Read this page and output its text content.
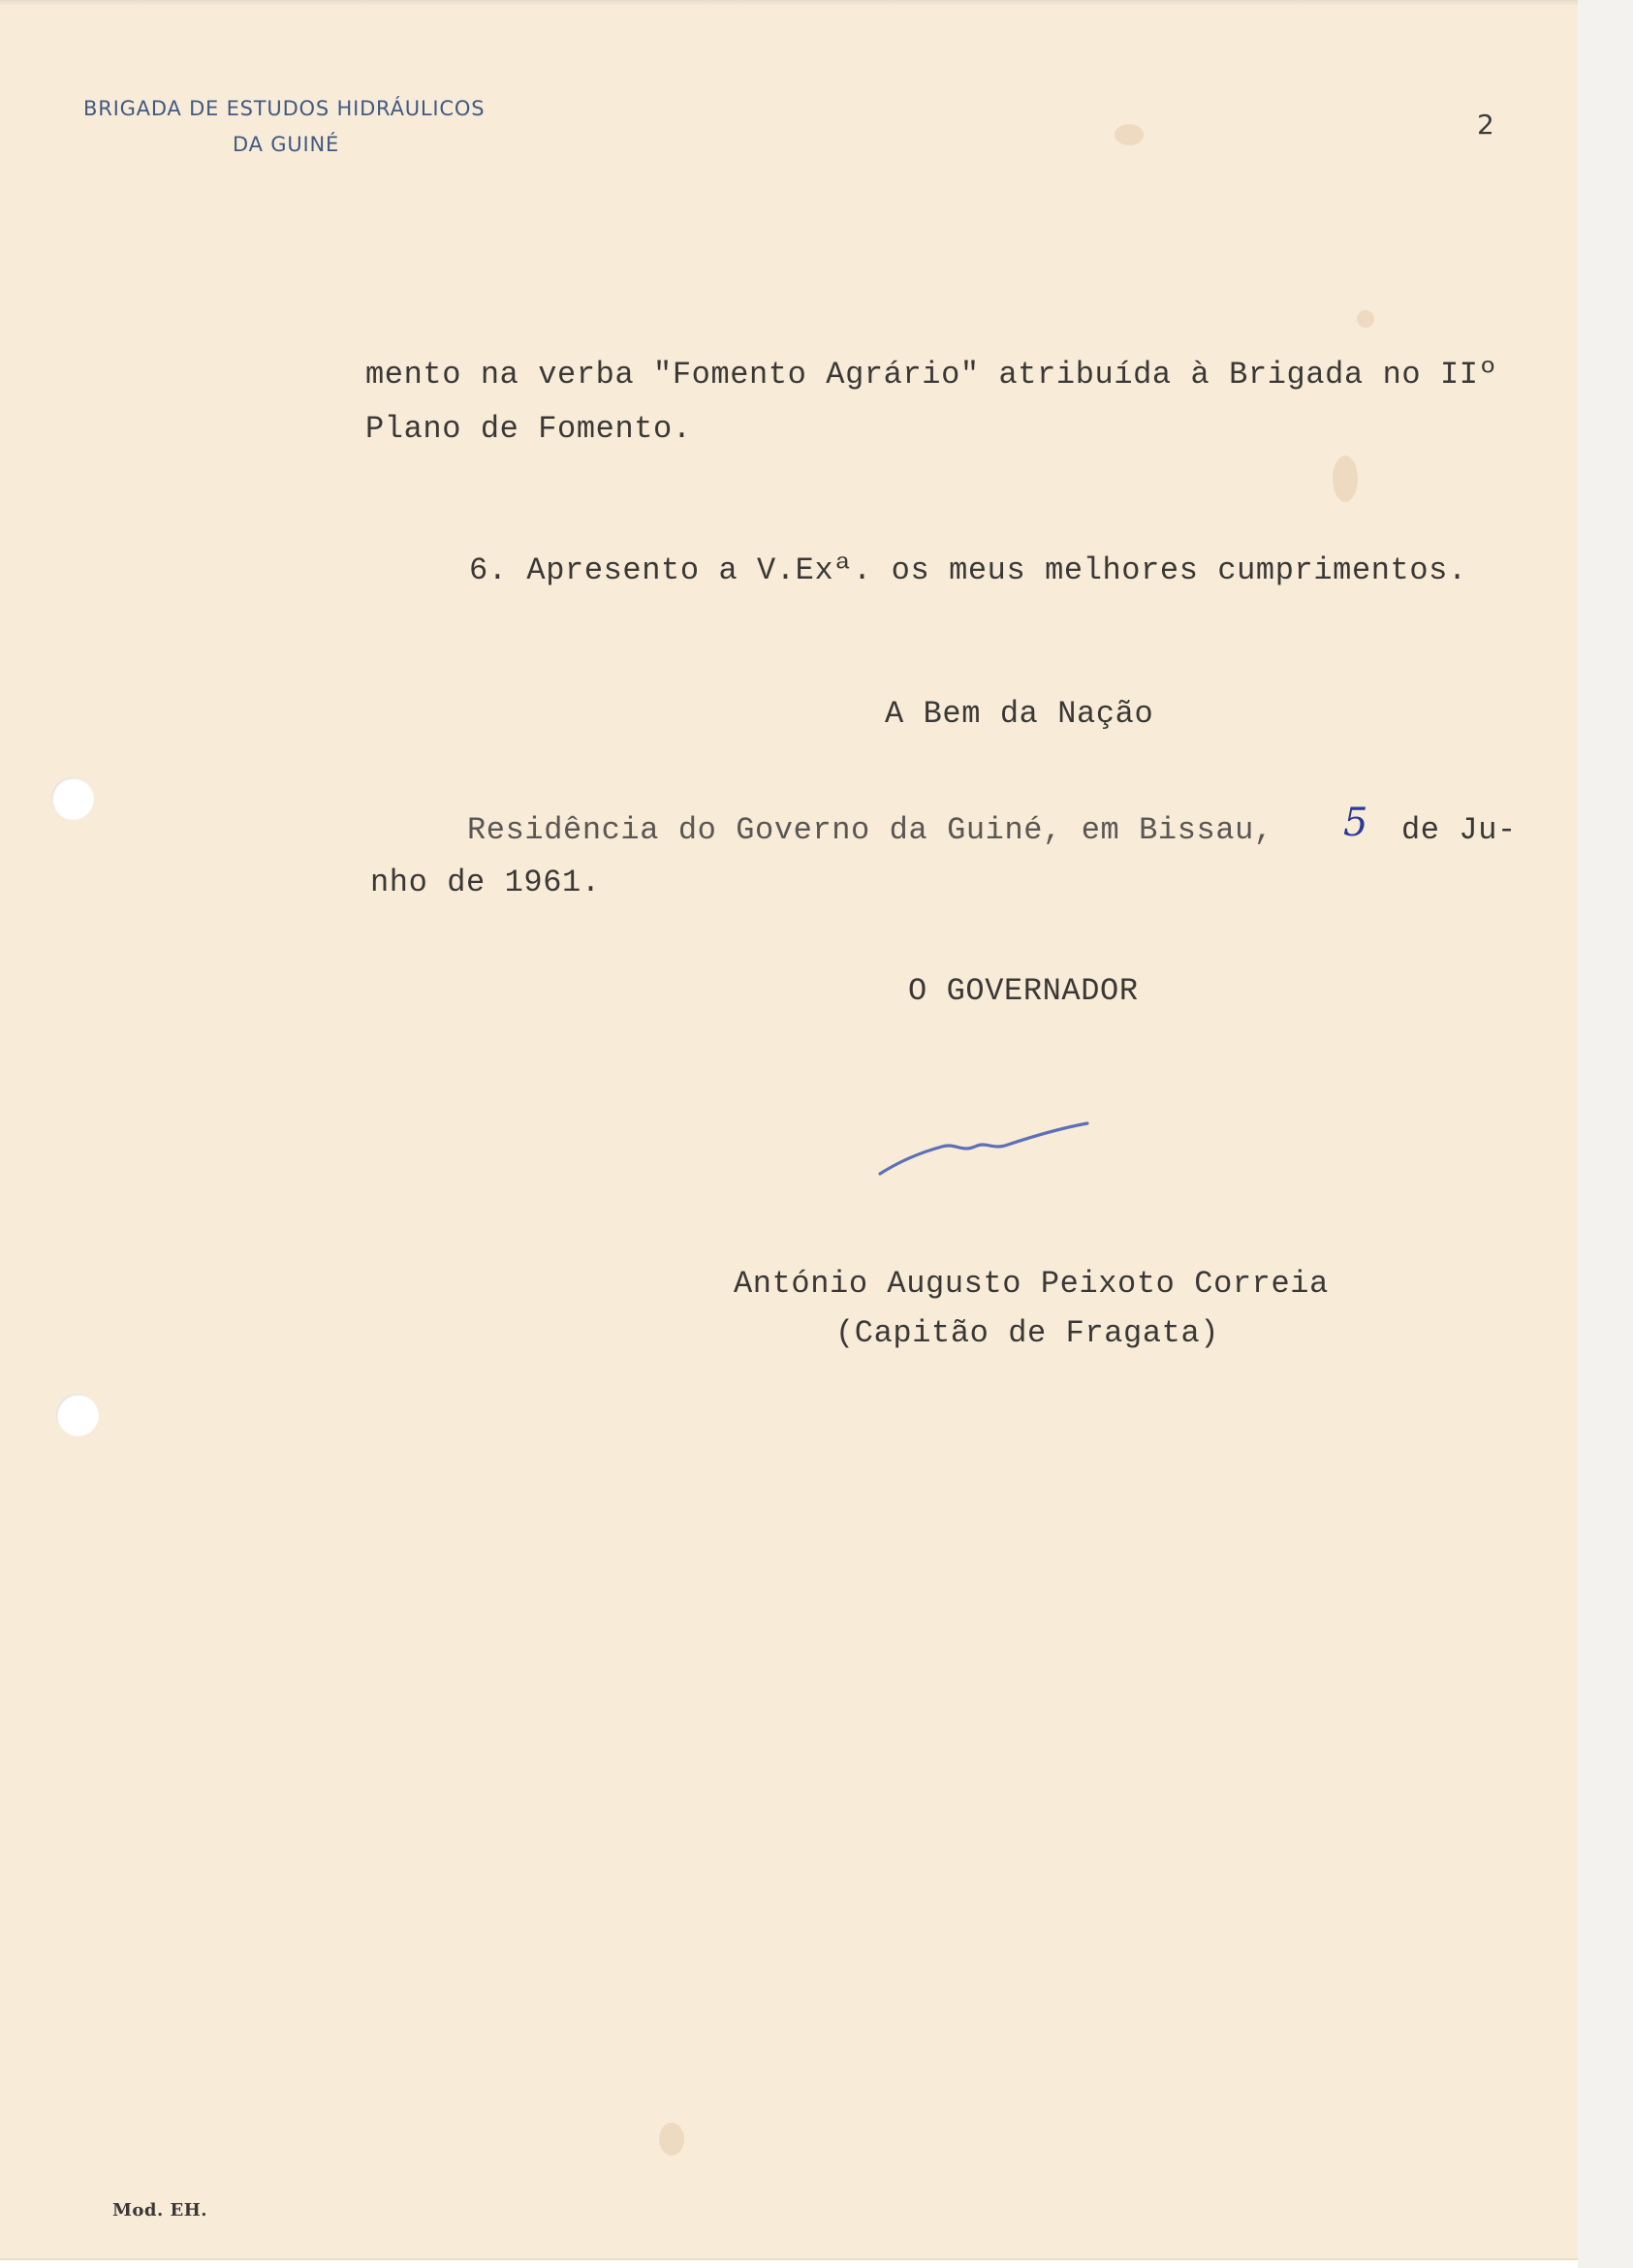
BRIGADA DE ESTUDOS HIDRÁULICOS
DA GUINÉ
2
mento na verba "Fomento Agrário" atribuída à Brigada no IIº
Plano de Fomento.
6. Apresento a V.Exª. os meus melhores cumprimentos.
A Bem da Nação
Residência do Governo da Guiné, em Bissau, 5 de Ju-
nho de 1961.
O GOVERNADOR
António Augusto Peixoto Correia
(Capitão de Fragata)
Mod. EH.
